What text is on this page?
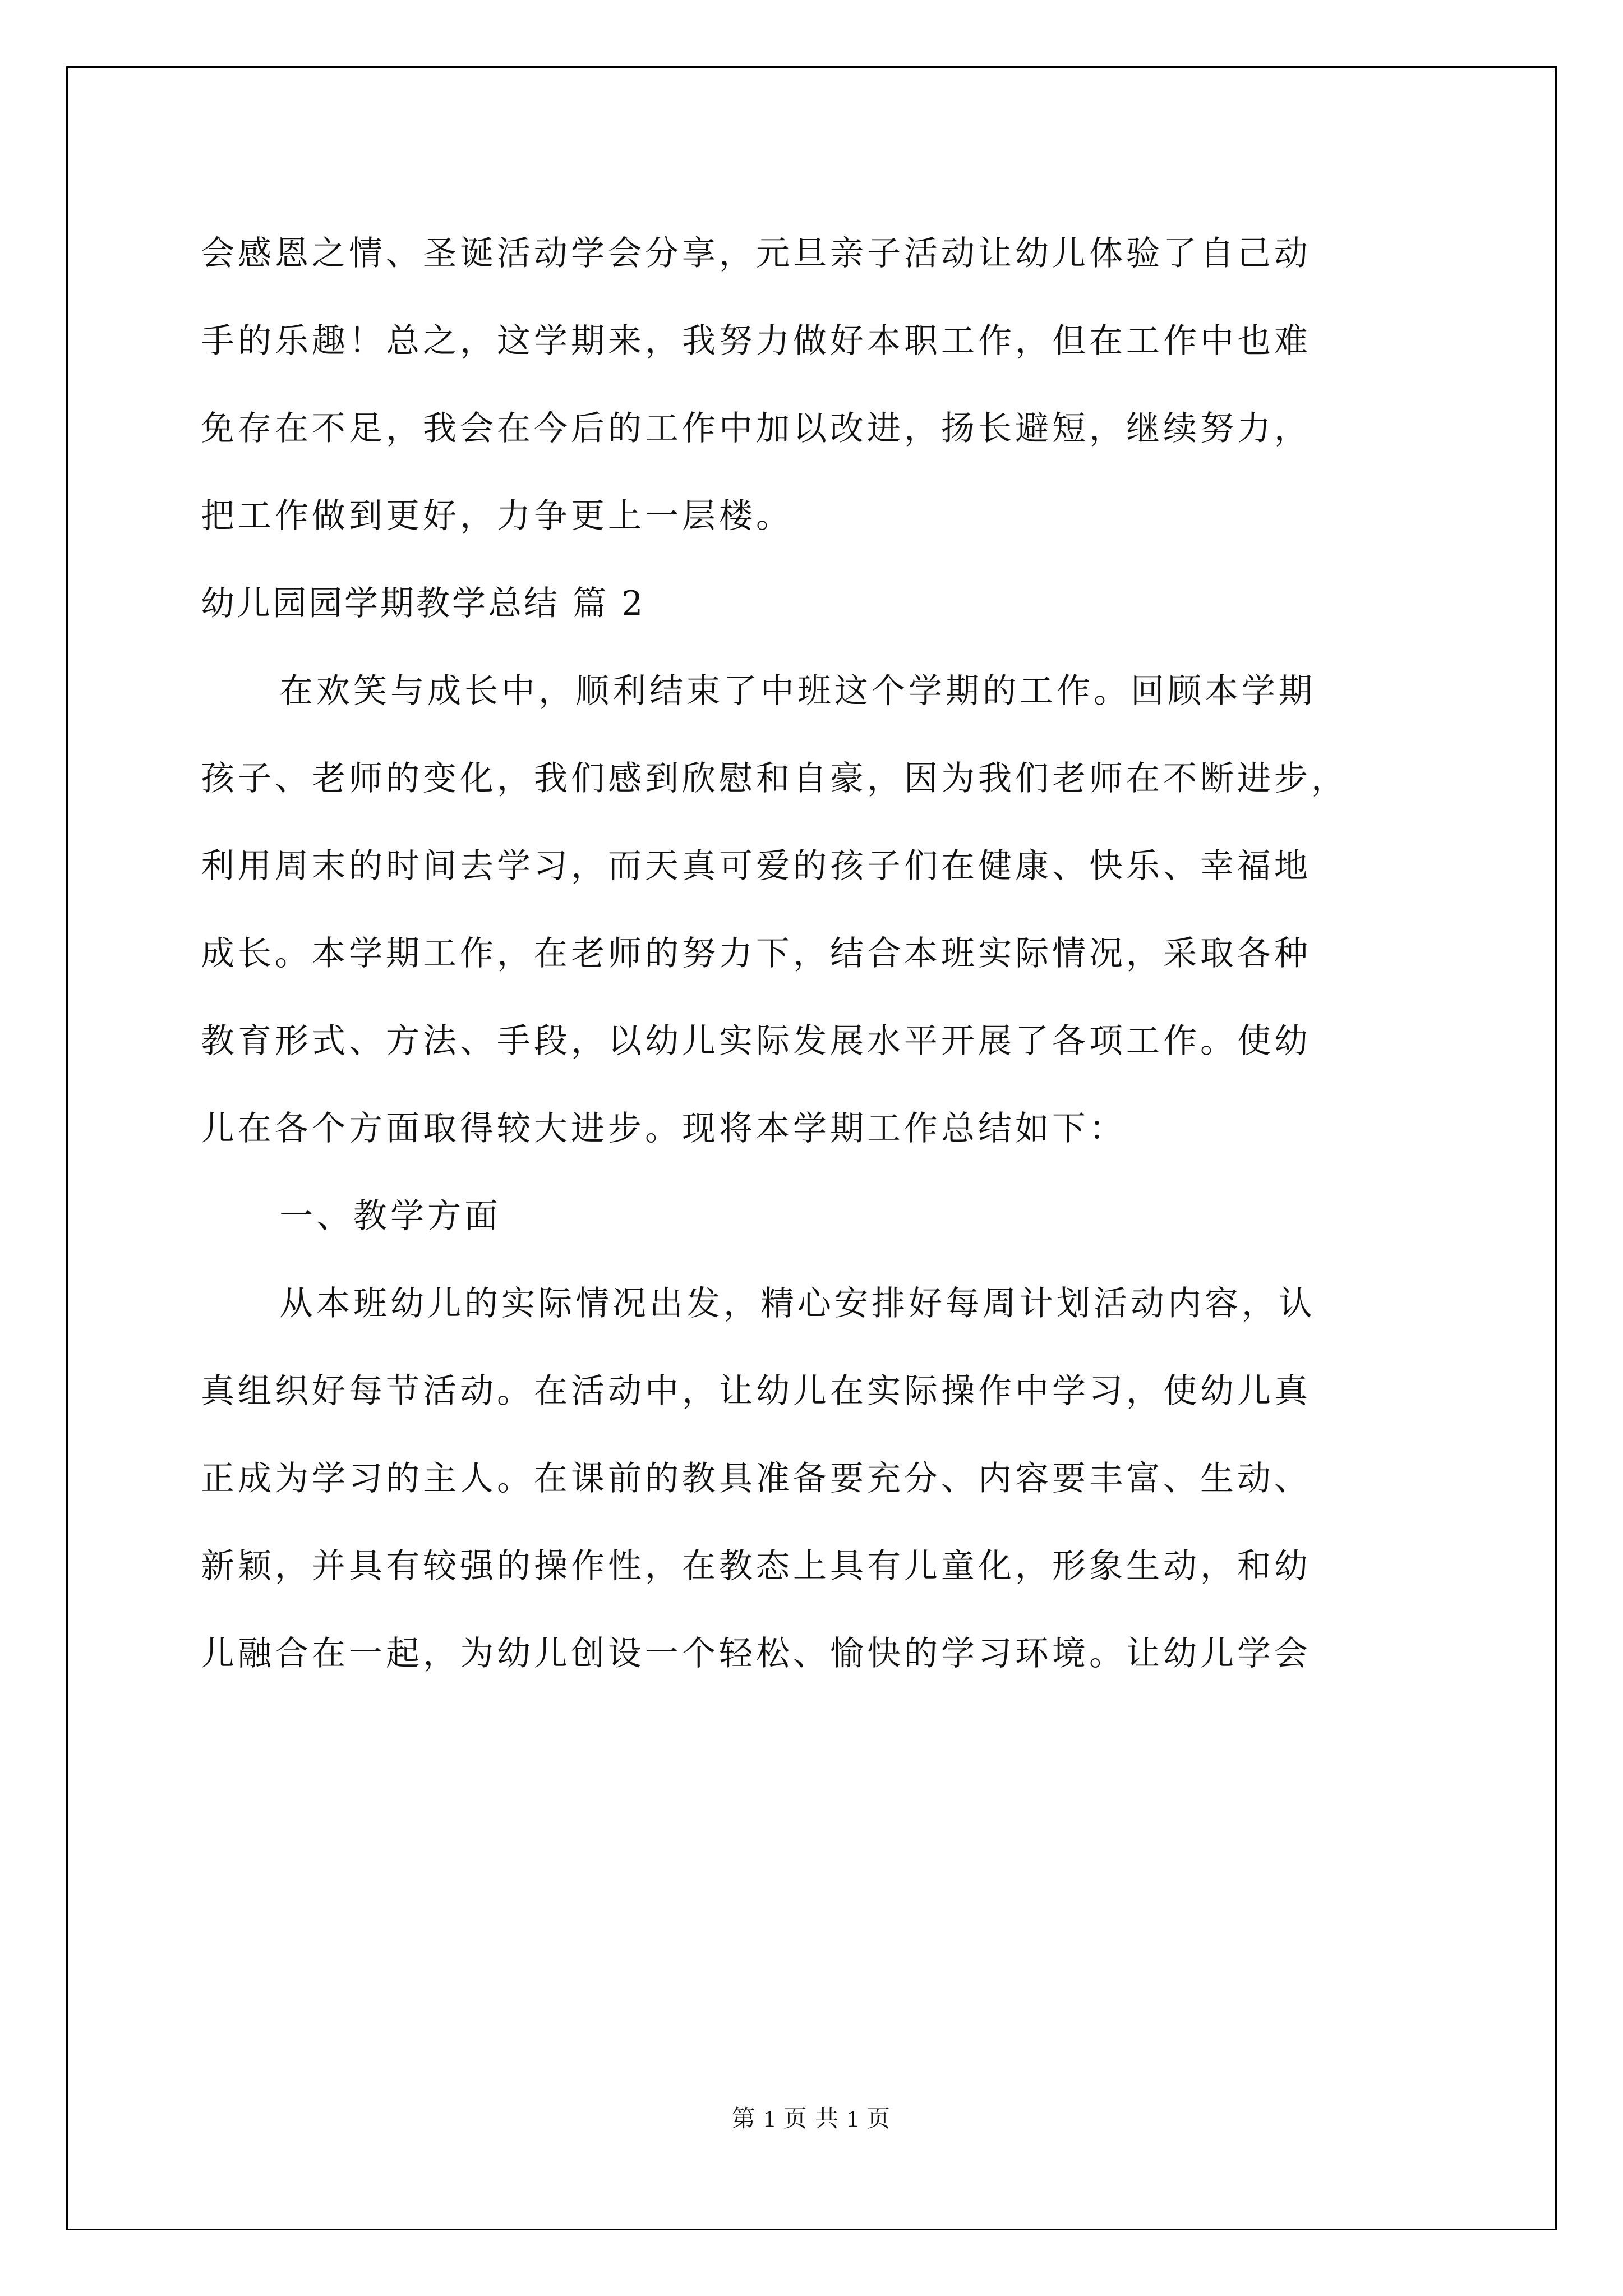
会感恩之情、圣诞活动学会分享，元旦亲子活动让幼儿体验了自己动
手的乐趣！总之，这学期来，我努力做好本职工作，但在工作中也难
免存在不足，我会在今后的工作中加以改进，扬长避短，继续努力，
把工作做到更好，力争更上一层楼。
幼儿园园学期教学总结 篇 2
在欢笑与成长中，顺利结束了中班这个学期的工作。回顾本学期
孩子、老师的变化，我们感到欣慰和自豪，因为我们老师在不断进步，
利用周末的时间去学习，而天真可爱的孩子们在健康、快乐、幸福地
成长。本学期工作，在老师的努力下，结合本班实际情况，采取各种
教育形式、方法、手段，以幼儿实际发展水平开展了各项工作。使幼
儿在各个方面取得较大进步。现将本学期工作总结如下：
一、教学方面
从本班幼儿的实际情况出发，精心安排好每周计划活动内容，认
真组织好每节活动。在活动中，让幼儿在实际操作中学习，使幼儿真
正成为学习的主人。在课前的教具准备要充分、内容要丰富、生动、
新颖，并具有较强的操作性，在教态上具有儿童化，形象生动，和幼
儿融合在一起，为幼儿创设一个轻松、愉快的学习环境。让幼儿学会
第 1 页 共 1 页
